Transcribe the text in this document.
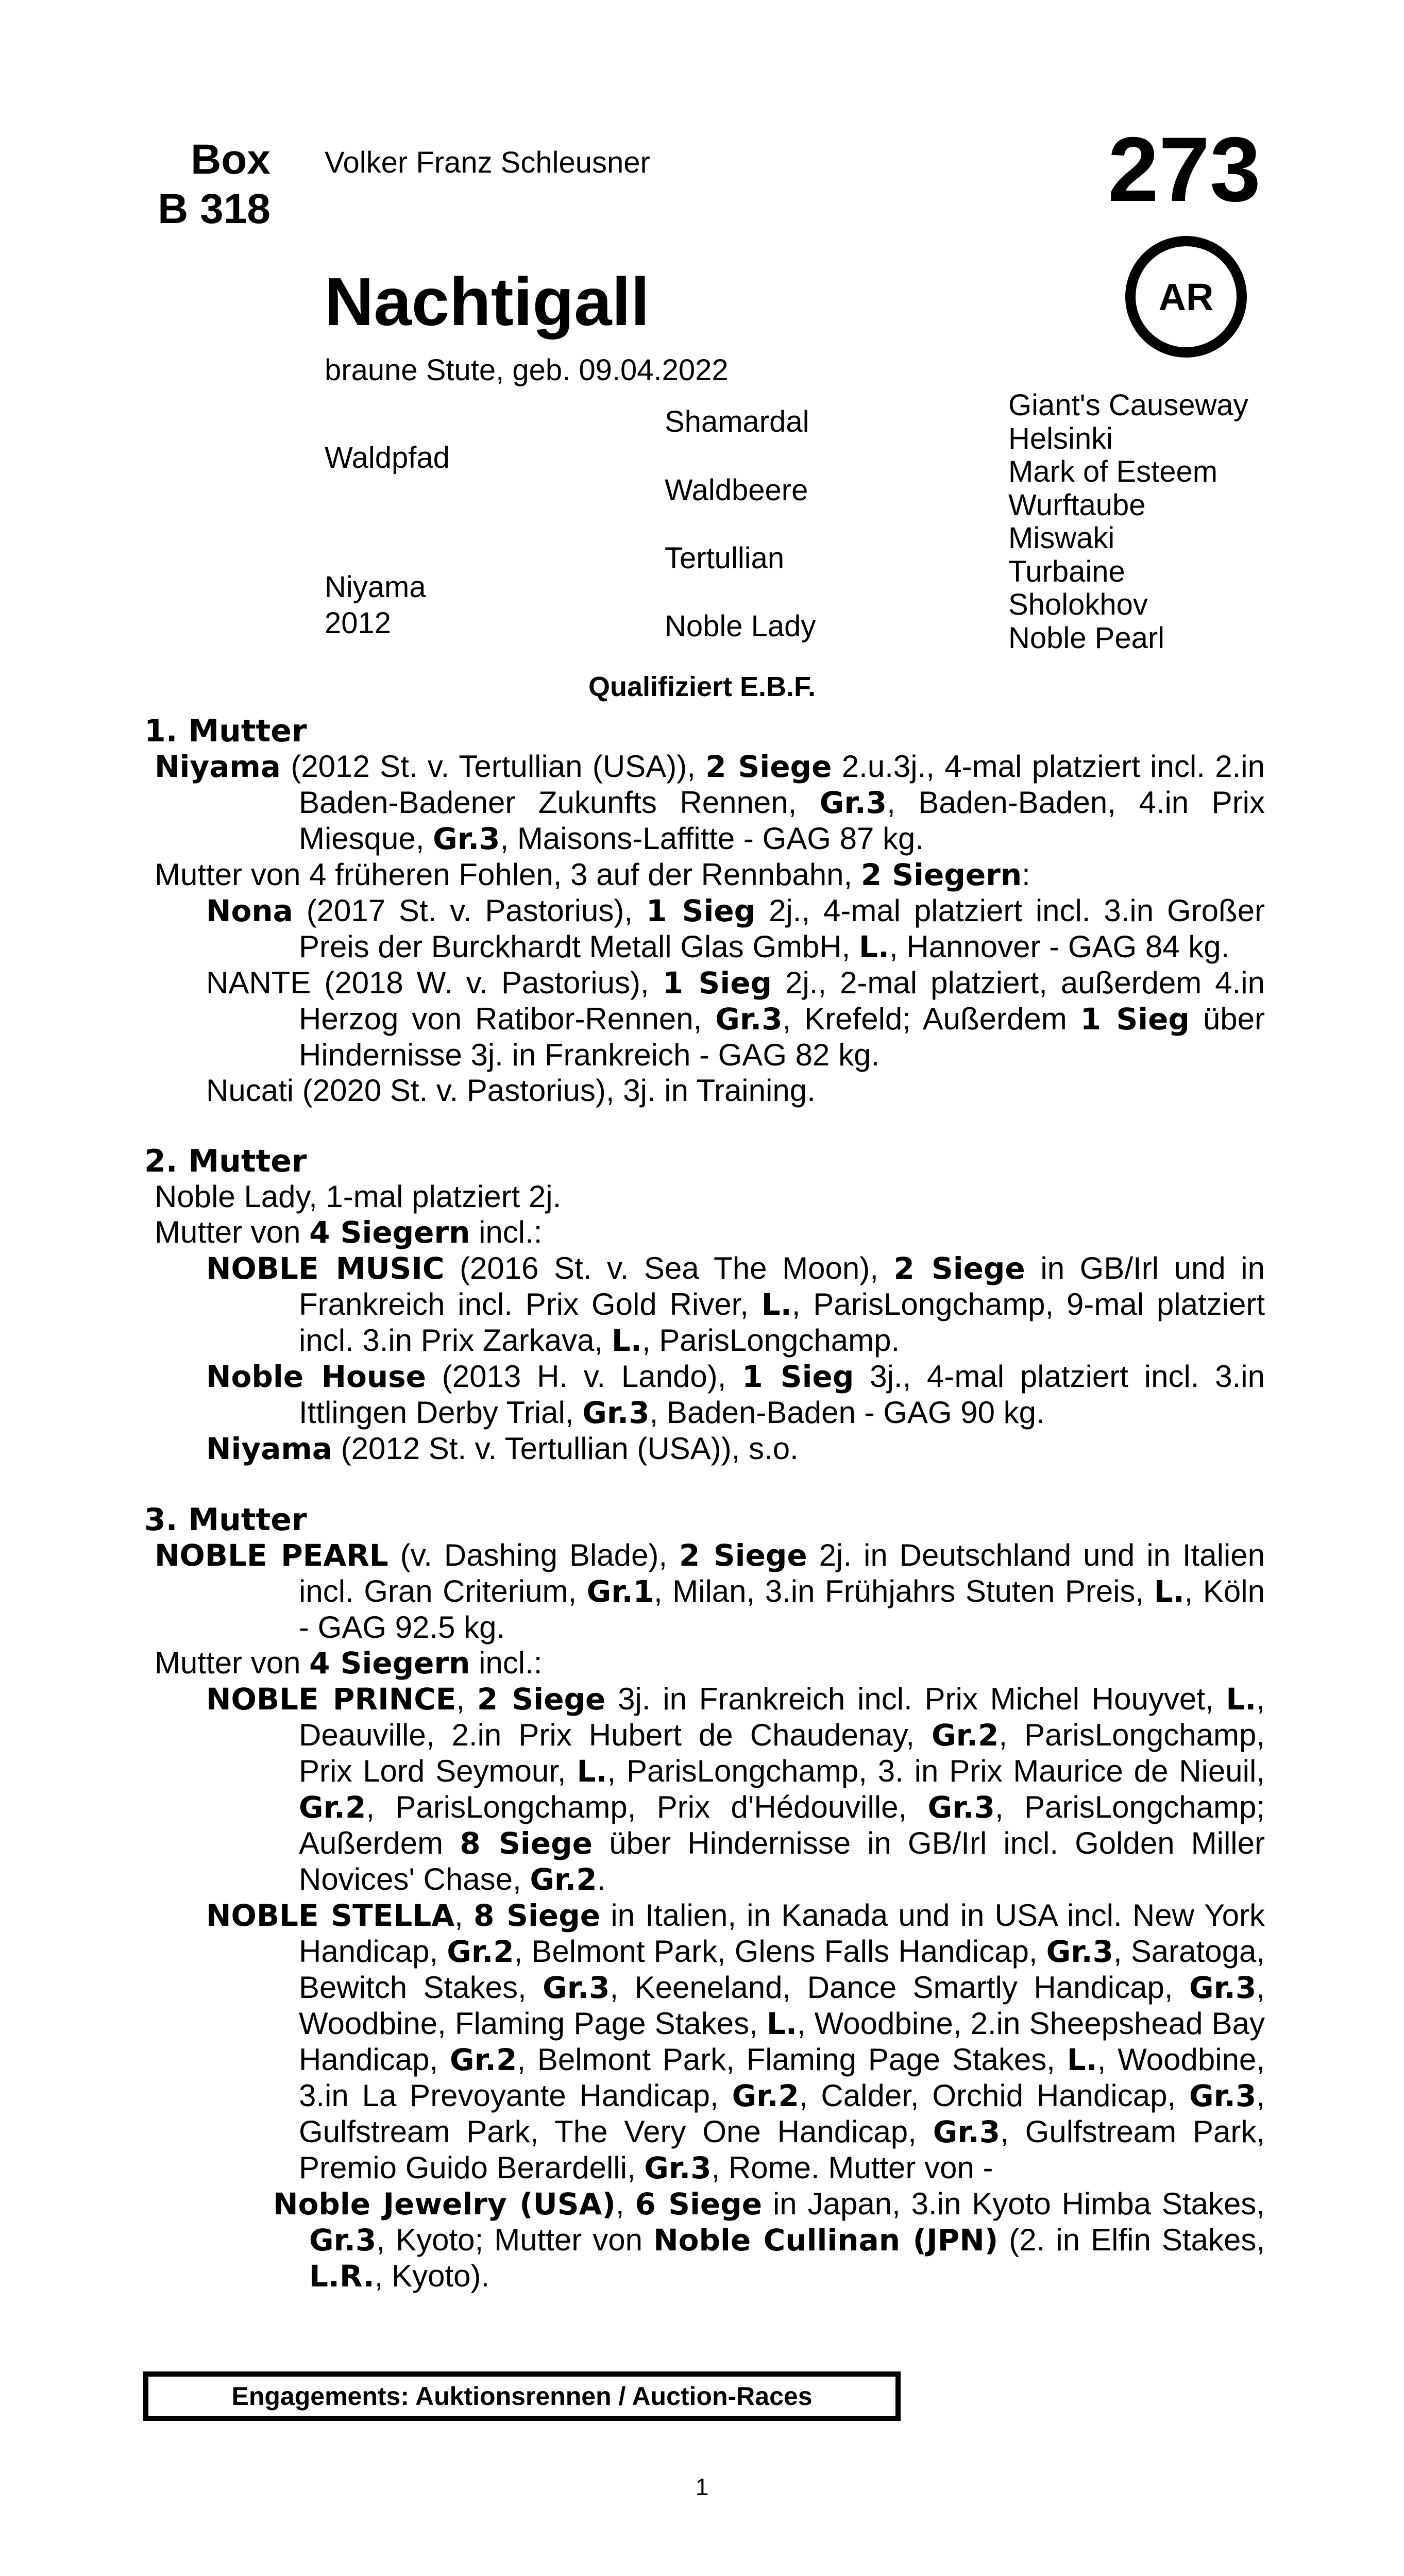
Box
B 318
Volker Franz Schleusner	273
AR
Nachtigall
braune Stute, geb. 09.04.2022
Waldpfad
Niyama
2012
Shamardal
Waldbeere
Tertullian
Noble Lady
Giant's Causeway
Helsinki
Mark of Esteem
Wurftaube
Miswaki
Turbaine
Sholokhov
Noble Pearl
Qualifiziert E.B.F.
1. Mutter
Niyama (2012 St. v. Tertullian (USA)), 2 Siege 2.u.3j., 4-mal platziert incl. 2.in Baden-Badener Zukunfts Rennen, Gr.3, Baden-Baden, 4.in Prix Miesque, Gr.3, Maisons-Laffitte - GAG 87 kg.
Mutter von 4 früheren Fohlen, 3 auf der Rennbahn, 2 Siegern:
Nona (2017 St. v. Pastorius), 1 Sieg 2j., 4-mal platziert incl. 3.in Großer Preis der Burckhardt Metall Glas GmbH, L., Hannover - GAG 84 kg.
NANTE (2018 W. v. Pastorius), 1 Sieg 2j., 2-mal platziert, außerdem 4.in Herzog von Ratibor-Rennen, Gr.3, Krefeld; Außerdem 1 Sieg über Hindernisse 3j. in Frankreich - GAG 82 kg.
Nucati (2020 St. v. Pastorius), 3j. in Training.
2. Mutter
Noble Lady, 1-mal platziert 2j.
Mutter von 4 Siegern incl.:
NOBLE MUSIC (2016 St. v. Sea The Moon), 2 Siege in GB/Irl und in Frankreich incl. Prix Gold River, L., ParisLongchamp, 9-mal platziert incl. 3.in Prix Zarkava, L., ParisLongchamp.
Noble House (2013 H. v. Lando), 1 Sieg 3j., 4-mal platziert incl. 3.in Ittlingen Derby Trial, Gr.3, Baden-Baden - GAG 90 kg.
Niyama (2012 St. v. Tertullian (USA)), s.o.
3. Mutter
NOBLE PEARL (v. Dashing Blade), 2 Siege 2j. in Deutschland und in Italien incl. Gran Criterium, Gr.1, Milan, 3.in Frühjahrs Stuten Preis, L., Köln - GAG 92.5 kg.
Mutter von 4 Siegern incl.:
NOBLE PRINCE, 2 Siege 3j. in Frankreich incl. Prix Michel Houyvet, L., Deauville, 2.in Prix Hubert de Chaudenay, Gr.2, ParisLongchamp, Prix Lord Seymour, L., ParisLongchamp, 3. in Prix Maurice de Nieuil, Gr.2, ParisLongchamp, Prix d'Hédouville, Gr.3, ParisLongchamp; Außerdem 8 Siege über Hindernisse in GB/Irl incl. Golden Miller Novices' Chase, Gr.2.
NOBLE STELLA, 8 Siege in Italien, in Kanada und in USA incl. New York Handicap, Gr.2, Belmont Park, Glens Falls Handicap, Gr.3, Saratoga, Bewitch Stakes, Gr.3, Keeneland, Dance Smartly Handicap, Gr.3, Woodbine, Flaming Page Stakes, L., Woodbine, 2.in Sheepshead Bay Handicap, Gr.2, Belmont Park, Flaming Page Stakes, L., Woodbine, 3.in La Prevoyante Handicap, Gr.2, Calder, Orchid Handicap, Gr.3, Gulfstream Park, The Very One Handicap, Gr.3, Gulfstream Park, Premio Guido Berardelli, Gr.3, Rome. Mutter von -
Noble Jewelry (USA), 6 Siege in Japan, 3.in Kyoto Himba Stakes, Gr.3, Kyoto; Mutter von Noble Cullinan (JPN) (2. in Elfin Stakes, L.R., Kyoto).
Engagements: Auktionsrennen / Auction-Races
1
